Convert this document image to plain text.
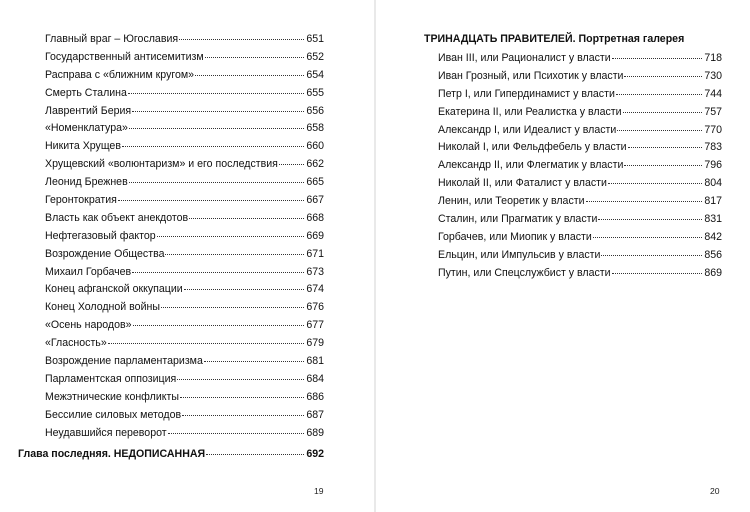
Главный враг – Югославия	651
Государственный антисемитизм	652
Расправа с «ближним кругом»	654
Смерть Сталина	655
Лаврентий Берия	656
«Номенклатура»	658
Никита Хрущев	660
Хрущевский «волюнтаризм» и его последствия	662
Леонид Брежнев	665
Геронтократия	667
Власть как объект анекдотов	668
Нефтегазовый фактор	669
Возрождение Общества	671
Михаил Горбачев	673
Конец афганской оккупации	674
Конец Холодной войны	676
«Осень народов»	677
«Гласность»	679
Возрождение парламентаризма	681
Парламентская оппозиция	684
Межэтнические конфликты	686
Бессилие силовых методов	687
Неудавшийся переворот	689
Глава последняя. НЕДОПИСАННАЯ	692
19
ТРИНАДЦАТЬ ПРАВИТЕЛЕЙ. Портретная галерея
Иван III, или Рационалист у власти	718
Иван Грозный, или Психотик у власти	730
Петр I, или Гипердинамист у власти	744
Екатерина II, или Реалистка у власти	757
Александр I, или Идеалист у власти	770
Николай I, или Фельдфебель у власти	783
Александр II, или Флегматик у власти	796
Николай II, или Фаталист у власти	804
Ленин, или Теоретик у власти	817
Сталин, или Прагматик у власти	831
Горбачев, или Миопик у власти	842
Ельцин, или Импульсив у власти	856
Путин, или Спецслужбист у власти	869
20
